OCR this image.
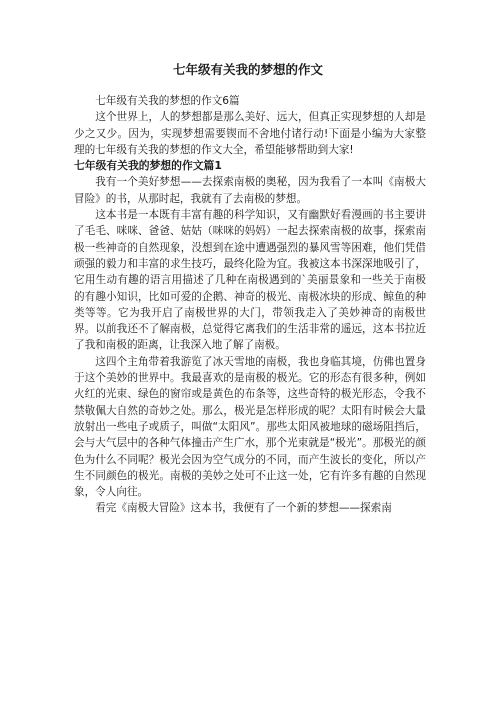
七年级有关我的梦想的作文

七年级有关我的梦想的作文6篇

这个世界上，人的梦想都是那么美好、远大，但真正实现梦想的人却是少之又少。因为，实现梦想需要锲而不舍地付诸行动!下面是小编为大家整理的七年级有关我的梦想的作文大全，希望能够帮助到大家!

七年级有关我的梦想的作文篇1

我有一个美好梦想——去探索南极的奥秘，因为我看了一本叫《南极大冒险》的书，从那时起，我就有了去南极的梦想。

这本书是一本既有丰富有趣的科学知识，又有幽默好看漫画的书主要讲了毛毛、咪咪、爸爸、姑姑（咪咪的妈妈）一起去探索南极的故事，探索南极一些神奇的自然现象，没想到在途中遭遇强烈的暴风雪等困难，他们凭借顽强的毅力和丰富的求生技巧，最终化险为宜。我被这本书深深地吸引了，它用生动有趣的语言用描述了几种在南极遇到的`美丽景象和一些关于南极的有趣小知识，比如可爱的企鹅、神奇的极光、南极冰块的形成、鲸鱼的种类等等。它为我开启了南极世界的大门，带领我走入了美妙神奇的南极世界。以前我还不了解南极，总觉得它离我们的生活非常的遥远，这本书拉近了我和南极的距离，让我深入地了解了南极。

这四个主角带着我游览了冰天雪地的南极，我也身临其境，仿佛也置身于这个美妙的世界中。我最喜欢的是南极的极光。它的形态有很多种，例如火红的光束、绿色的窗帘或是黄色的布条等，这些奇特的极光形态，令我不禁敬佩大自然的奇妙之处。那么，极光是怎样形成的呢？太阳有时候会大量放射出一些电子或质子，叫做“太阳风”。那些太阳风被地球的磁场阻挡后，会与大气层中的各种气体撞击产生广水，那个光束就是“极光”。那极光的颜色为什么不同呢？极光会因为空气成分的不同，而产生波长的变化，所以产生不同颜色的极光。南极的美妙之处可不止这一处，它有许多有趣的自然现象，令人向往。

看完《南极大冒险》这本书，我便有了一个新的梦想——探索南
